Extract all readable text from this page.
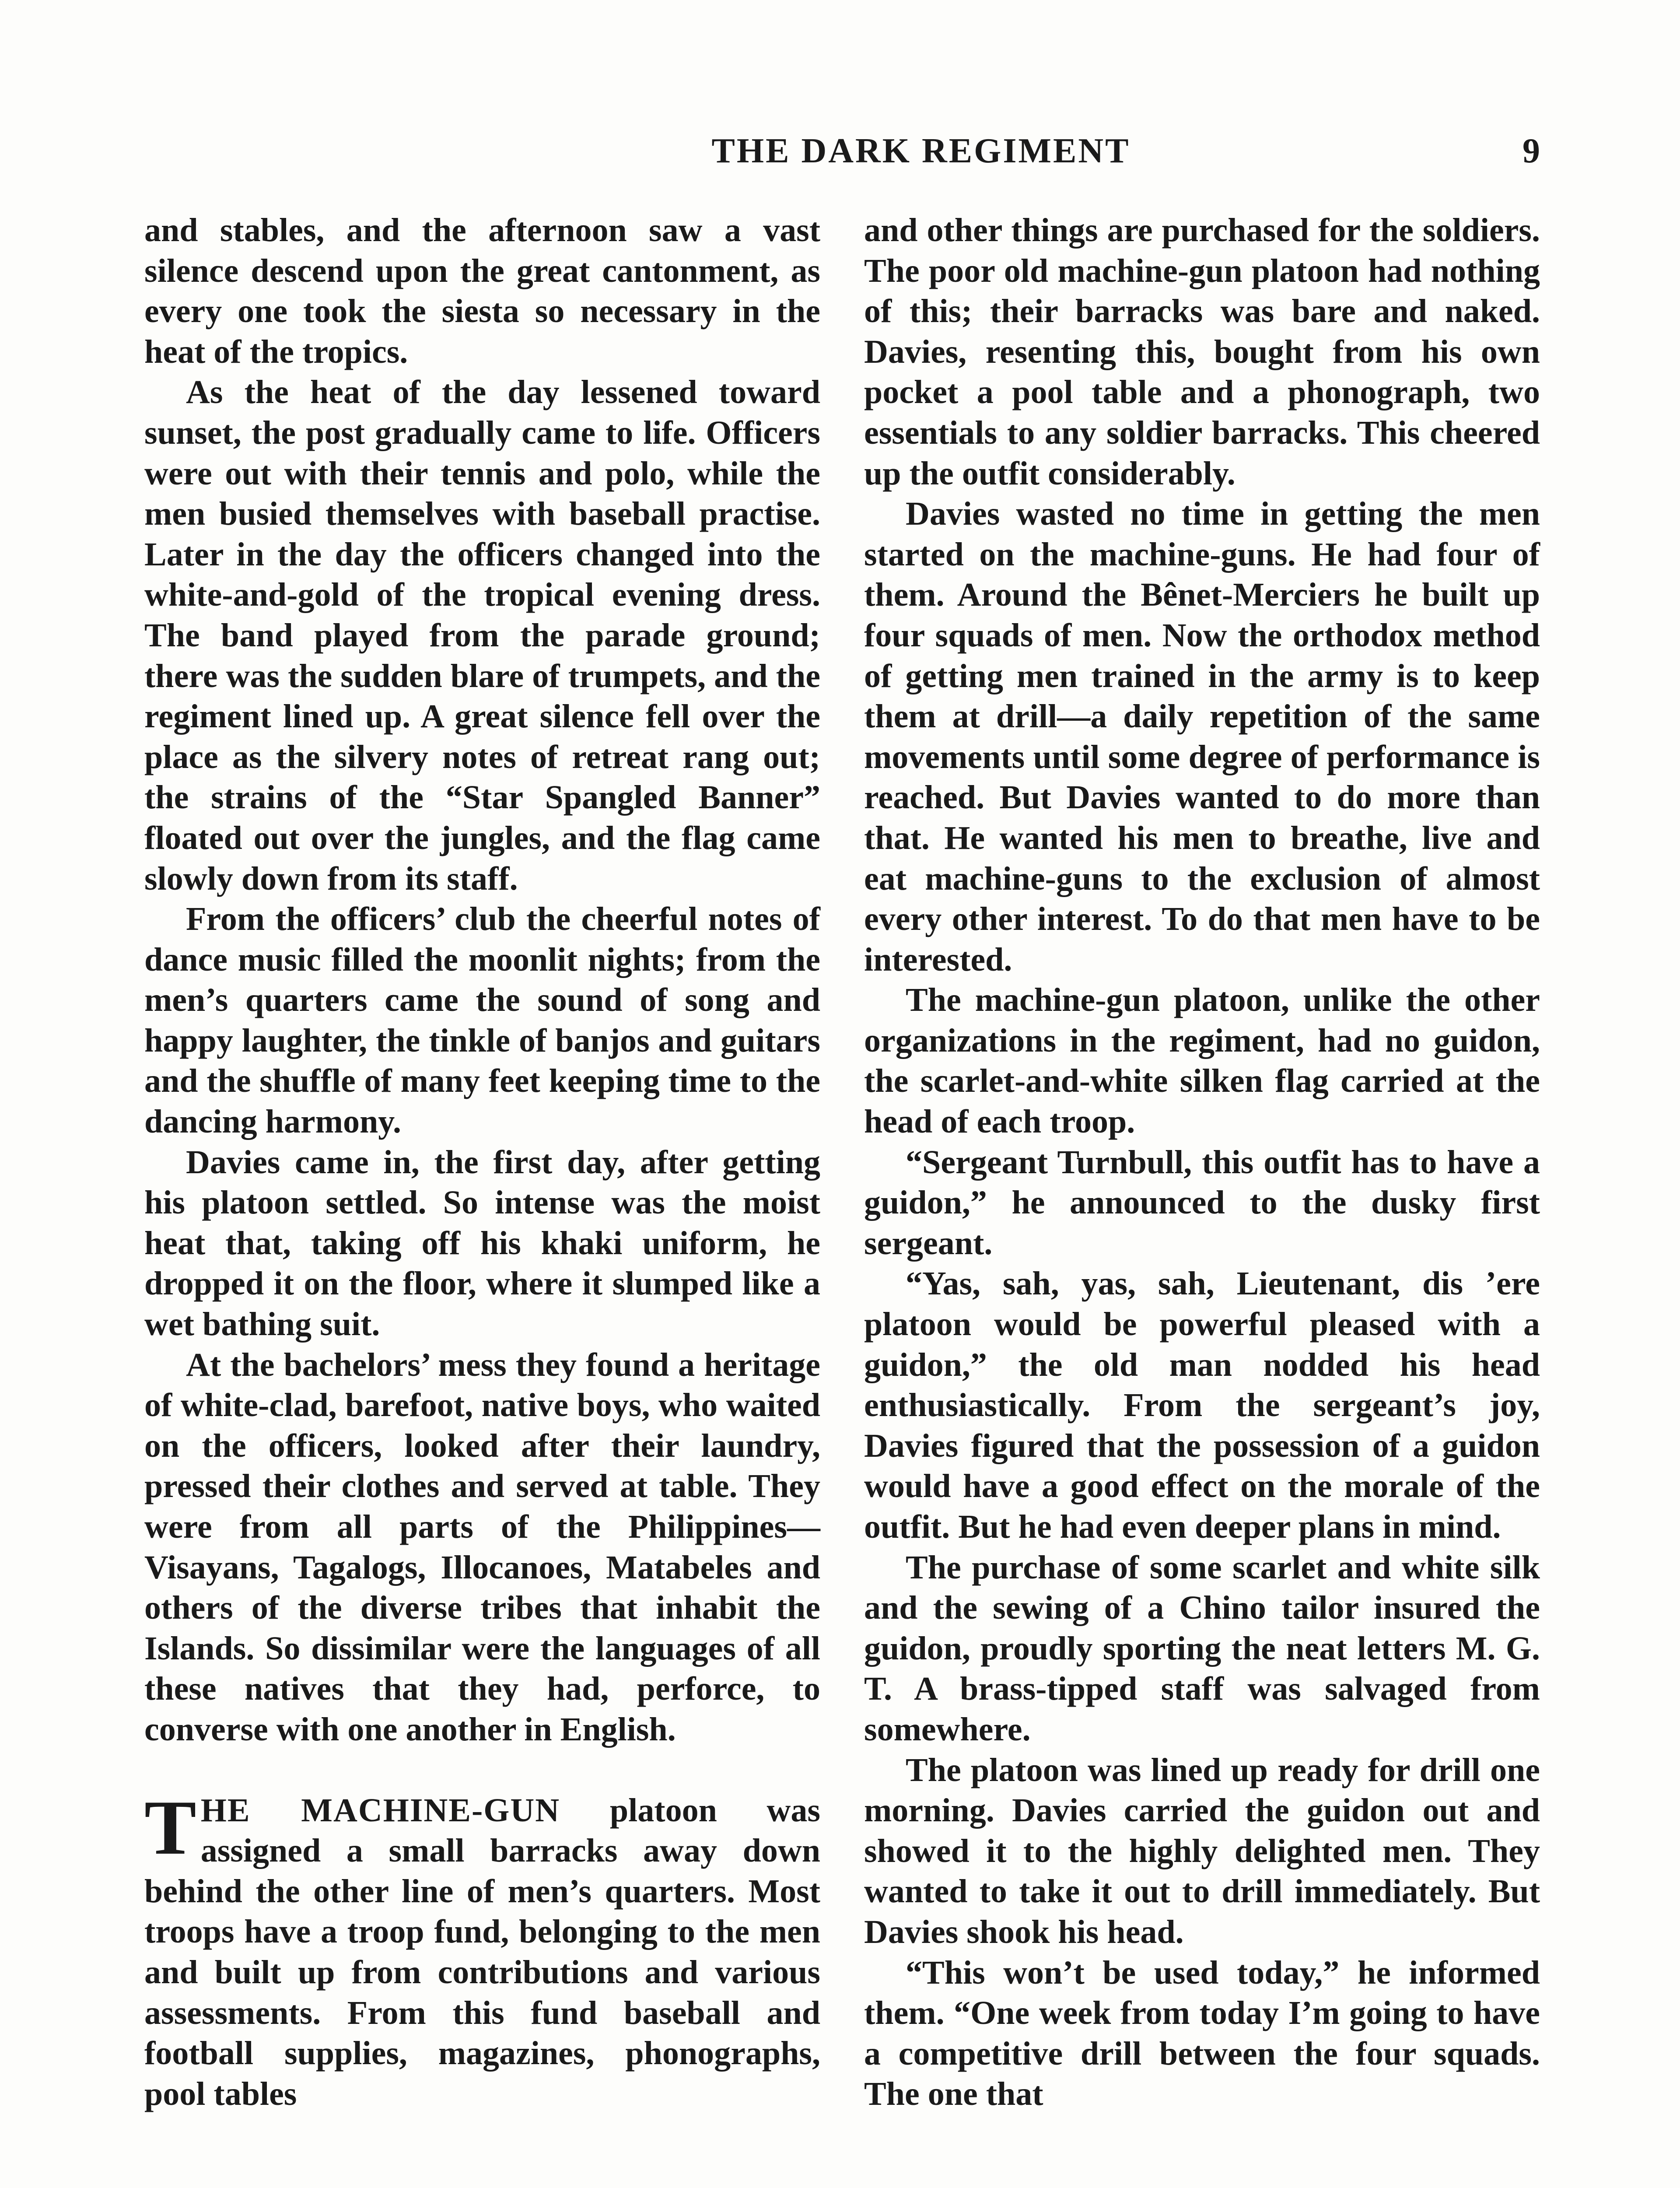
THE DARK REGIMENT	9

and stables, and the afternoon saw a vast silence descend upon the great cantonment, as every one took the siesta so necessary in the heat of the tropics.

As the heat of the day lessened toward sunset, the post gradually came to life. Officers were out with their tennis and polo, while the men busied themselves with baseball practise. Later in the day the officers changed into the white-and-gold of the tropical evening dress. The band played from the parade ground; there was the sudden blare of trumpets, and the regiment lined up. A great silence fell over the place as the silvery notes of retreat rang out; the strains of the “Star Spangled Banner” floated out over the jungles, and the flag came slowly down from its staff.

From the officers’ club the cheerful notes of dance music filled the moonlit nights; from the men’s quarters came the sound of song and happy laughter, the tinkle of banjos and guitars and the shuffle of many feet keeping time to the dancing harmony.

Davies came in, the first day, after getting his platoon settled. So intense was the moist heat that, taking off his khaki uniform, he dropped it on the floor, where it slumped like a wet bathing suit.

At the bachelors’ mess they found a heritage of white-clad, barefoot, native boys, who waited on the officers, looked after their laundry, pressed their clothes and served at table. They were from all parts of the Philippines—Visayans, Tagalogs, Illocanoes, Matabeles and others of the diverse tribes that inhabit the Islands. So dissimilar were the languages of all these natives that they had, perforce, to converse with one another in English.

THE MACHINE-GUN platoon was assigned a small barracks away down behind the other line of men’s quarters. Most troops have a troop fund, belonging to the men and built up from contributions and various assessments. From this fund baseball and football supplies, magazines, phonographs, pool tables

and other things are purchased for the soldiers. The poor old machine-gun platoon had nothing of this; their barracks was bare and naked. Davies, resenting this, bought from his own pocket a pool table and a phonograph, two essentials to any soldier barracks. This cheered up the outfit considerably.

Davies wasted no time in getting the men started on the machine-guns. He had four of them. Around the Bênet-Merciers he built up four squads of men. Now the orthodox method of getting men trained in the army is to keep them at drill—a daily repetition of the same movements until some degree of performance is reached. But Davies wanted to do more than that. He wanted his men to breathe, live and eat machine-guns to the exclusion of almost every other interest. To do that men have to be interested.

The machine-gun platoon, unlike the other organizations in the regiment, had no guidon, the scarlet-and-white silken flag carried at the head of each troop.

“Sergeant Turnbull, this outfit has to have a guidon,” he announced to the dusky first sergeant.

“Yas, sah, yas, sah, Lieutenant, dis ’ere platoon would be powerful pleased with a guidon,” the old man nodded his head enthusiastically. From the sergeant’s joy, Davies figured that the possession of a guidon would have a good effect on the morale of the outfit. But he had even deeper plans in mind.

The purchase of some scarlet and white silk and the sewing of a Chino tailor insured the guidon, proudly sporting the neat letters M. G. T. A brass-tipped staff was salvaged from somewhere.

The platoon was lined up ready for drill one morning. Davies carried the guidon out and showed it to the highly delighted men. They wanted to take it out to drill immediately. But Davies shook his head.

“This won’t be used today,” he informed them. “One week from today I’m going to have a competitive drill between the four squads. The one that
